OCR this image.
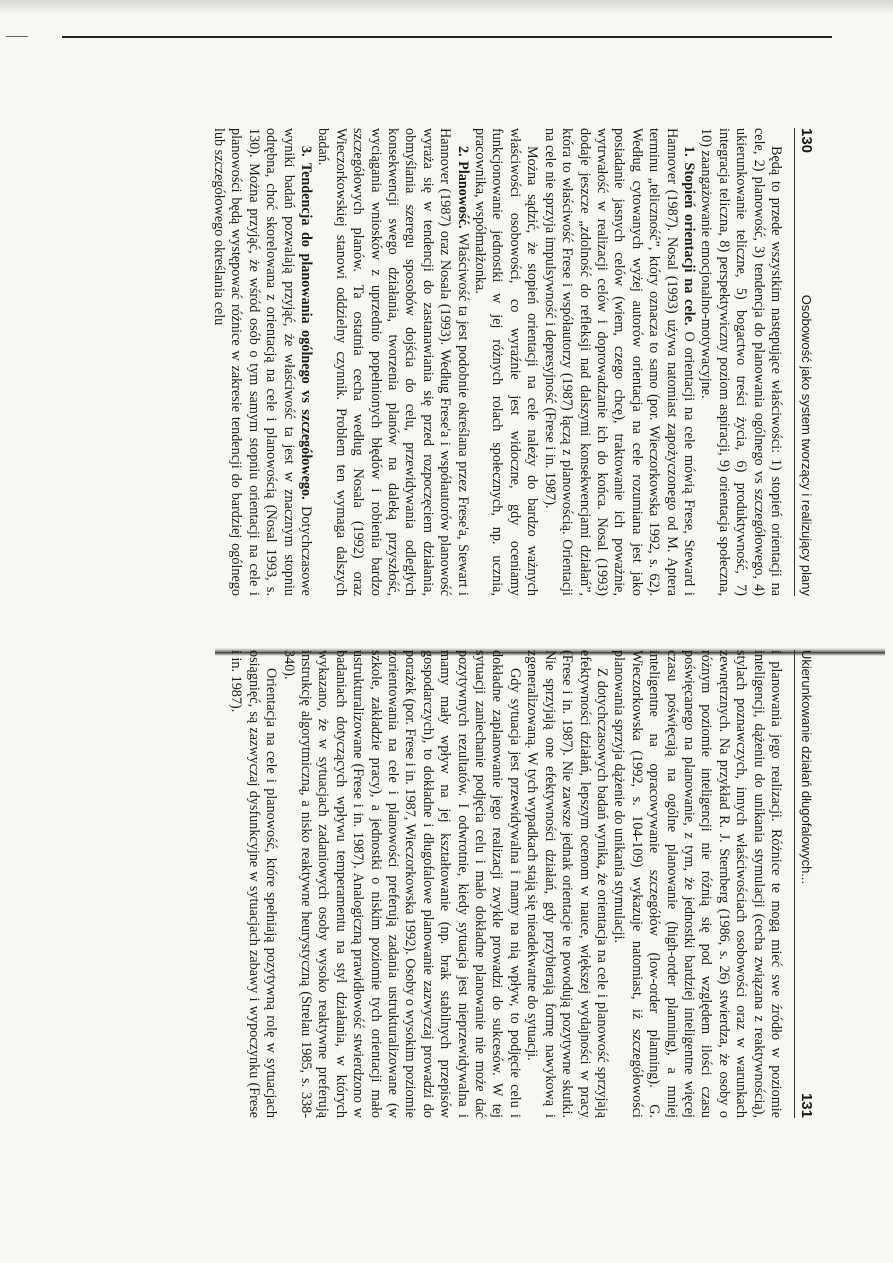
130
Osobowość jako system tworzący i realizujący plany

Będą to przede wszystkim następujące właściwości: 1) stopień orientacji na cele, 2) planowość, 3) tendencja do planowania ogólnego vs szczegółowego, 4) ukierunkowanie teliczne, 5) bogactwo treści życia, 6) produktywność, 7) integracja teliczna, 8) perspektywiczny poziom aspiracji, 9) orientacja społeczna, 10) zaangażowanie emocjonalno-motywacyjne.

1. Stopień orientacji na cele. O orientacji na cele mówią Frese, Steward i Hannover (1987). Nosal (1993) używa natomiast zapożyczonego od M. Aptera terminu „teliczność”, który oznacza to samo (por. Wieczorkowska 1992, s. 62). Według cytowanych wyżej autorów orientacja na cele rozumiana jest jako posiadanie jasnych celów (wiem, czego chcę), traktowanie ich poważnie, wytrwałość w realizacji celów i doprowadzanie ich do końca. Nosal (1993) dodaje jeszcze „zdolność do refleksji nad dalszymi konsekwencjami działań”, która to właściwość Frese i współautorzy (1987) łączą z planowością. Orientacji na cele nie sprzyja impulsywność i depresyjność (Frese i in. 1987).

Można sądzić, że stopień orientacji na cele należy do bardzo ważnych właściwości osobowości, co wyraźnie jest widoczne, gdy oceniamy funkcjonowanie jednostki w jej różnych rolach społecznych, np. ucznia, pracownika, współmałżonka.

2. Planowość. Właściwość ta jest podobnie określana przez Frese'a, Stewart i Hannover (1987) oraz Nosala (1993). Według Frese'a i współautorów planowość wyraża się w tendencji do zastanawiania się przed rozpoczęciem działania, obmyślania szeregu sposobów dojścia do celu, przewidywania odległych konsekwencji swego działania, tworzenia planów na daleką przyszłość, wyciągania wniosków z uprzednio popełnionych błędów i robienia bardzo szczegółowych planów. Ta ostatnia cecha według Nosala (1992) oraz Wieczorkowskiej stanowi oddzielny czynnik. Problem ten wymaga dalszych badań.

3. Tendencja do planowania ogólnego vs szczegółowego. Dotychczasowe wyniki badań pozwalają przyjąć, że właściwość ta jest w znacznym stopniu odrębna, choć skorelowana z orientacją na cele i planowością (Nosal 1993, s. 130). Można przyjąć, że wśród osób o tym samym stopniu orientacji na cele i planowości będą występować różnice w zakresie tendencji do bardziej ogólnego lub szczegółowego określania celu

Ukierunkowanie działań długofalowych...
131

i planowania jego realizacji. Różnice te mogą mieć swe źródło w poziomie inteligencji, dążeniu do unikania stymulacji (cecha związana z reaktywnością), stylach poznawczych, innych właściwościach osobowości oraz w warunkach zewnętrznych. Na przykład R. J. Sternberg (1986, s. 26) stwierdza, że osoby o różnym poziomie inteligencji nie różnią się pod względem ilości czasu poświęcanego na planowanie, z tym, że jednostki bardziej inteligentne więcej czasu poświęcają na ogólne planowanie (high-order planning), a mniej inteligentne na opracowywanie szczegółów (low-order planning). G. Wieczorkowska (1992, s. 104-109) wykazuje natomiast, iż szczegółowości planowania sprzyja dążenie do unikania stymulacji.

Z dotychczasowych badań wynika, że orientacja na cele i planowość sprzyjają efektywności działań, lepszym ocenom w nauce, większej wydajności w pracy (Frese i in. 1987). Nie zawsze jednak orientacje te powodują pozytywne skutki. Nie sprzyjają one efektywności działań, gdy przybierają formę nawykową i zgeneralizowaną. W tych wypadkach stają się nieadekwatne do sytuacji.

Gdy sytuacja jest przewidywalna i mamy na nią wpływ, to podjęcie celu i dokładne zaplanowanie jego realizacji zwykle prowadzi do sukcesów. W tej sytuacji zaniechanie podjęcia celu i mało dokładne planowanie nie może dać pozytywnych rezultatów. I odwrotnie, kiedy sytuacja jest nieprzewidywalna i mamy mały wpływ na jej kształtowanie (np. brak stabilnych przepisów gospodarczych), to dokładne i długofalowe planowanie zazwyczaj prowadzi do porażek (por. Frese i in. 1987, Wieczorkowska 1992). Osoby o wysokim poziomie zorientowania na cele i planowości preferują zadania ustrukturalizowane (w szkole, zakładzie pracy), a jednostki o niskim poziomie tych orientacji mało ustrukturalizowane (Frese i in. 1987). Analogiczną prawidłowość stwierdzono w badaniach dotyczących wpływu temperamentu na styl działania, w których wykazano, że w sytuacjach zadaniowych osoby wysoko reaktywne preferują instrukcję algorytmiczną, a nisko reaktywne heurystyczną (Strelau 1985, s. 338-340).

Orientacja na cele i planowość, które spełniają pozytywną rolę w sytuacjach osiągnięć, są zazwyczaj dysfunkcyjne w sytuacjach zabawy i wypoczynku (Frese i in. 1987).
